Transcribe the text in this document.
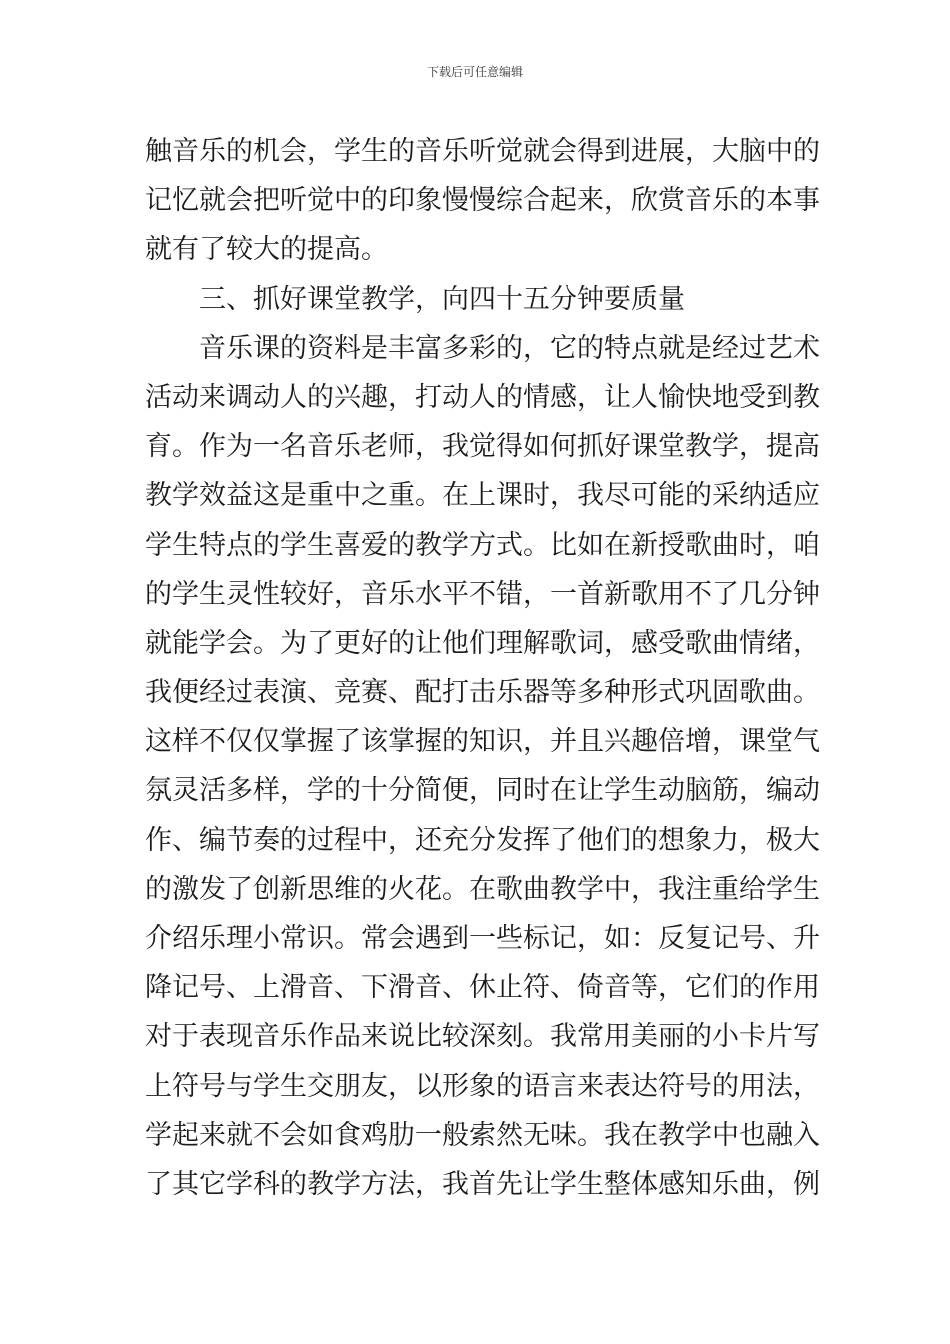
下载后可任意编辑
触音乐的机会，学生的音乐听觉就会得到进展，大脑中的
记忆就会把听觉中的印象慢慢综合起来，欣赏音乐的本事
就有了较大的提高。
三、抓好课堂教学，向四十五分钟要质量
音乐课的资料是丰富多彩的，它的特点就是经过艺术
活动来调动人的兴趣，打动人的情感，让人愉快地受到教
育。作为一名音乐老师，我觉得如何抓好课堂教学，提高
教学效益这是重中之重。在上课时，我尽可能的采纳适应
学生特点的学生喜爱的教学方式。比如在新授歌曲时，咱
的学生灵性较好，音乐水平不错，一首新歌用不了几分钟
就能学会。为了更好的让他们理解歌词，感受歌曲情绪，
我便经过表演、竞赛、配打击乐器等多种形式巩固歌曲。
这样不仅仅掌握了该掌握的知识，并且兴趣倍增，课堂气
氛灵活多样，学的十分简便，同时在让学生动脑筋，编动
作、编节奏的过程中，还充分发挥了他们的想象力，极大
的激发了创新思维的火花。在歌曲教学中，我注重给学生
介绍乐理小常识。常会遇到一些标记，如：反复记号、升
降记号、上滑音、下滑音、休止符、倚音等，它们的作用
对于表现音乐作品来说比较深刻。我常用美丽的小卡片写
上符号与学生交朋友，以形象的语言来表达符号的用法，
学起来就不会如食鸡肋一般索然无味。我在教学中也融入
了其它学科的教学方法，我首先让学生整体感知乐曲，例
